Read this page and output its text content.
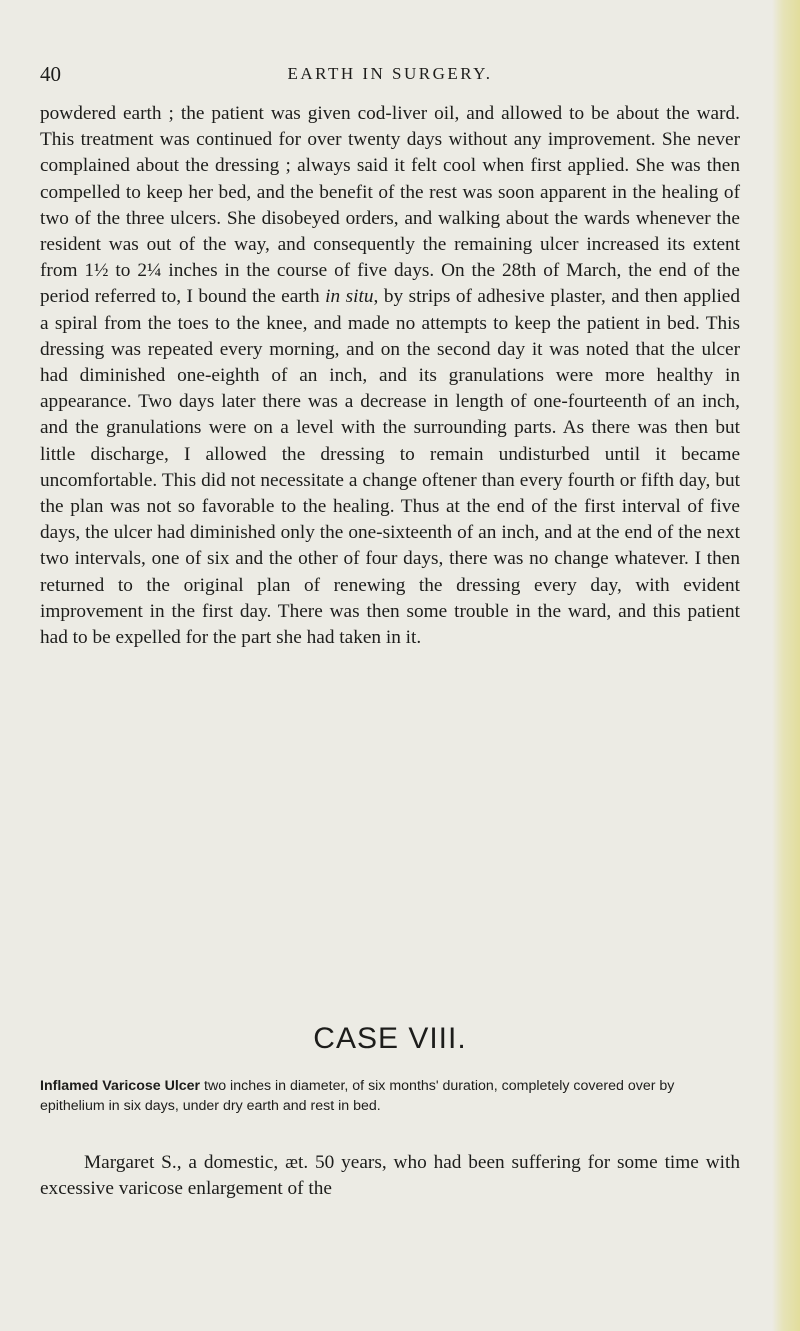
40	EARTH IN SURGERY.

powdered earth ; the patient was given cod-liver oil, and allowed to be about the ward. This treatment was continued for over twenty days without any improvement. She never complained about the dressing ; always said it felt cool when first applied. She was then compelled to keep her bed, and the benefit of the rest was soon apparent in the healing of two of the three ulcers. She disobeyed orders, and walking about the wards whenever the resident was out of the way, and consequently the remaining ulcer increased its extent from 1½ to 2¼ inches in the course of five days. On the 28th of March, the end of the period referred to, I bound the earth in situ, by strips of adhesive plaster, and then applied a spiral from the toes to the knee, and made no attempts to keep the patient in bed. This dressing was repeated every morning, and on the second day it was noted that the ulcer had diminished one-eighth of an inch, and its granulations were more healthy in appearance. Two days later there was a decrease in length of one-fourteenth of an inch, and the granulations were on a level with the surrounding parts. As there was then but little discharge, I allowed the dressing to remain undisturbed until it became uncomfortable. This did not necessitate a change oftener than every fourth or fifth day, but the plan was not so favorable to the healing. Thus at the end of the first interval of five days, the ulcer had diminished only the one-sixteenth of an inch, and at the end of the next two intervals, one of six and the other of four days, there was no change whatever. I then returned to the original plan of renewing the dressing every day, with evident improvement in the first day. There was then some trouble in the ward, and this patient had to be expelled for the part she had taken in it.

CASE VIII.

Inflamed Varicose Ulcer two inches in diameter, of six months' duration, completely covered over by epithelium in six days, under dry earth and rest in bed.

Margaret S., a domestic, æt. 50 years, who had been suffering for some time with excessive varicose enlargement of the
